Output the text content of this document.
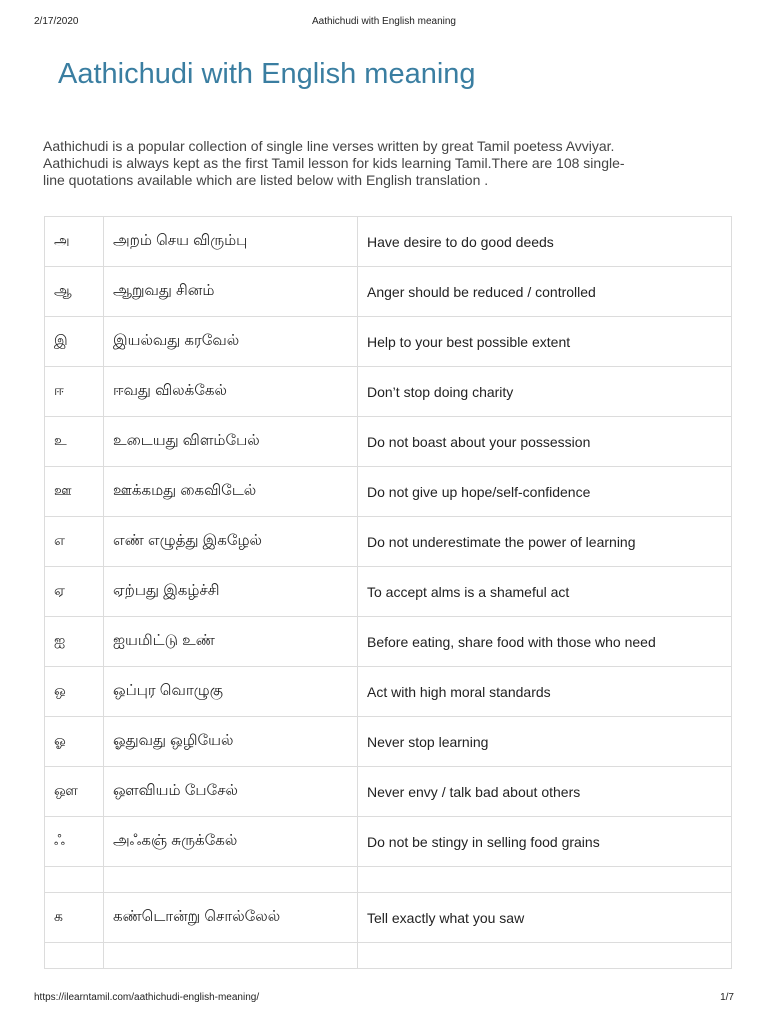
2/17/2020	Aathichudi with English meaning
Aathichudi with English meaning

Aathichudi is a popular collection of single line verses written by great Tamil poetess Avviyar. Aathichudi is always kept as the first Tamil lesson for kids learning Tamil.There are 108 single-line quotations available which are listed below with English translation .

அ	அறம் செய விரும்பு	Have desire to do good deeds
ஆ	ஆறுவது சினம்	Anger should be reduced / controlled
இ	இயல்வது கரவேல்	Help to your best possible extent
ஈ	ஈவது விலக்கேல்	Don’t stop doing charity
உ	உடையது விளம்பேல்	Do not boast about your possession
ஊ	ஊக்கமது கைவிடேல்	Do not give up hope/self-confidence
எ	எண் எழுத்து இகழேல்	Do not underestimate the power of learning
ஏ	ஏற்பது இகழ்ச்சி	To accept alms is a shameful act
ஐ	ஐயமிட்டு உண்	Before eating, share food with those who need
ஒ	ஒப்புர வொழுகு	Act with high moral standards
ஓ	ஓதுவது ஒழியேல்	Never stop learning
ஔ	ஔவியம் பேசேல்	Never envy / talk bad about others
ஃ	அஃகஞ் சுருக்கேல்	Do not be stingy in selling food grains

க	கண்டொன்று சொல்லேல்	Tell exactly what you saw

https://ilearntamil.com/aathichudi-english-meaning/	1/7
